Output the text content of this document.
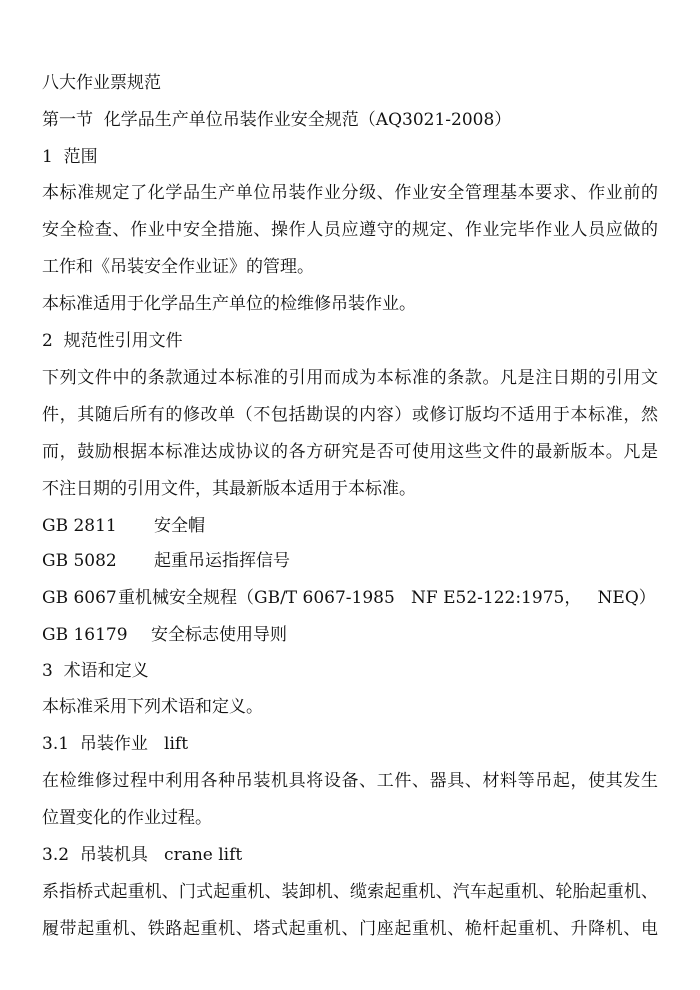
八大作业票规范
第一节  化学品生产单位吊装作业安全规范（AQ3021-2008）
1  范围
本标准规定了化学品生产单位吊装作业分级、作业安全管理基本要求、作业前的
安全检查、作业中安全措施、操作人员应遵守的规定、作业完毕作业人员应做的
工作和《吊装安全作业证》的管理。
本标准适用于化学品生产单位的检维修吊装作业。
2  规范性引用文件
下列文件中的条款通过本标准的引用而成为本标准的条款。凡是注日期的引用文
件，其随后所有的修改单（不包括勘误的内容）或修订版均不适用于本标准，然
而，鼓励根据本标准达成协议的各方研究是否可使用这些文件的最新版本。凡是
不注日期的引用文件，其最新版本适用于本标准。
GB 2811 安全帽
GB 5082 起重吊运指挥信号
GB 6067重机械安全规程（GB/T 6067-1985   NF E52-122:1975，   NEQ）
GB 16179 安全标志使用导则
3  术语和定义
本标准采用下列术语和定义。
3.1  吊装作业   lift
在检维修过程中利用各种吊装机具将设备、工件、器具、材料等吊起，使其发生
位置变化的作业过程。
3.2  吊装机具   crane lift
系指桥式起重机、门式起重机、装卸机、缆索起重机、汽车起重机、轮胎起重机、
履带起重机、铁路起重机、塔式起重机、门座起重机、桅杆起重机、升降机、电
